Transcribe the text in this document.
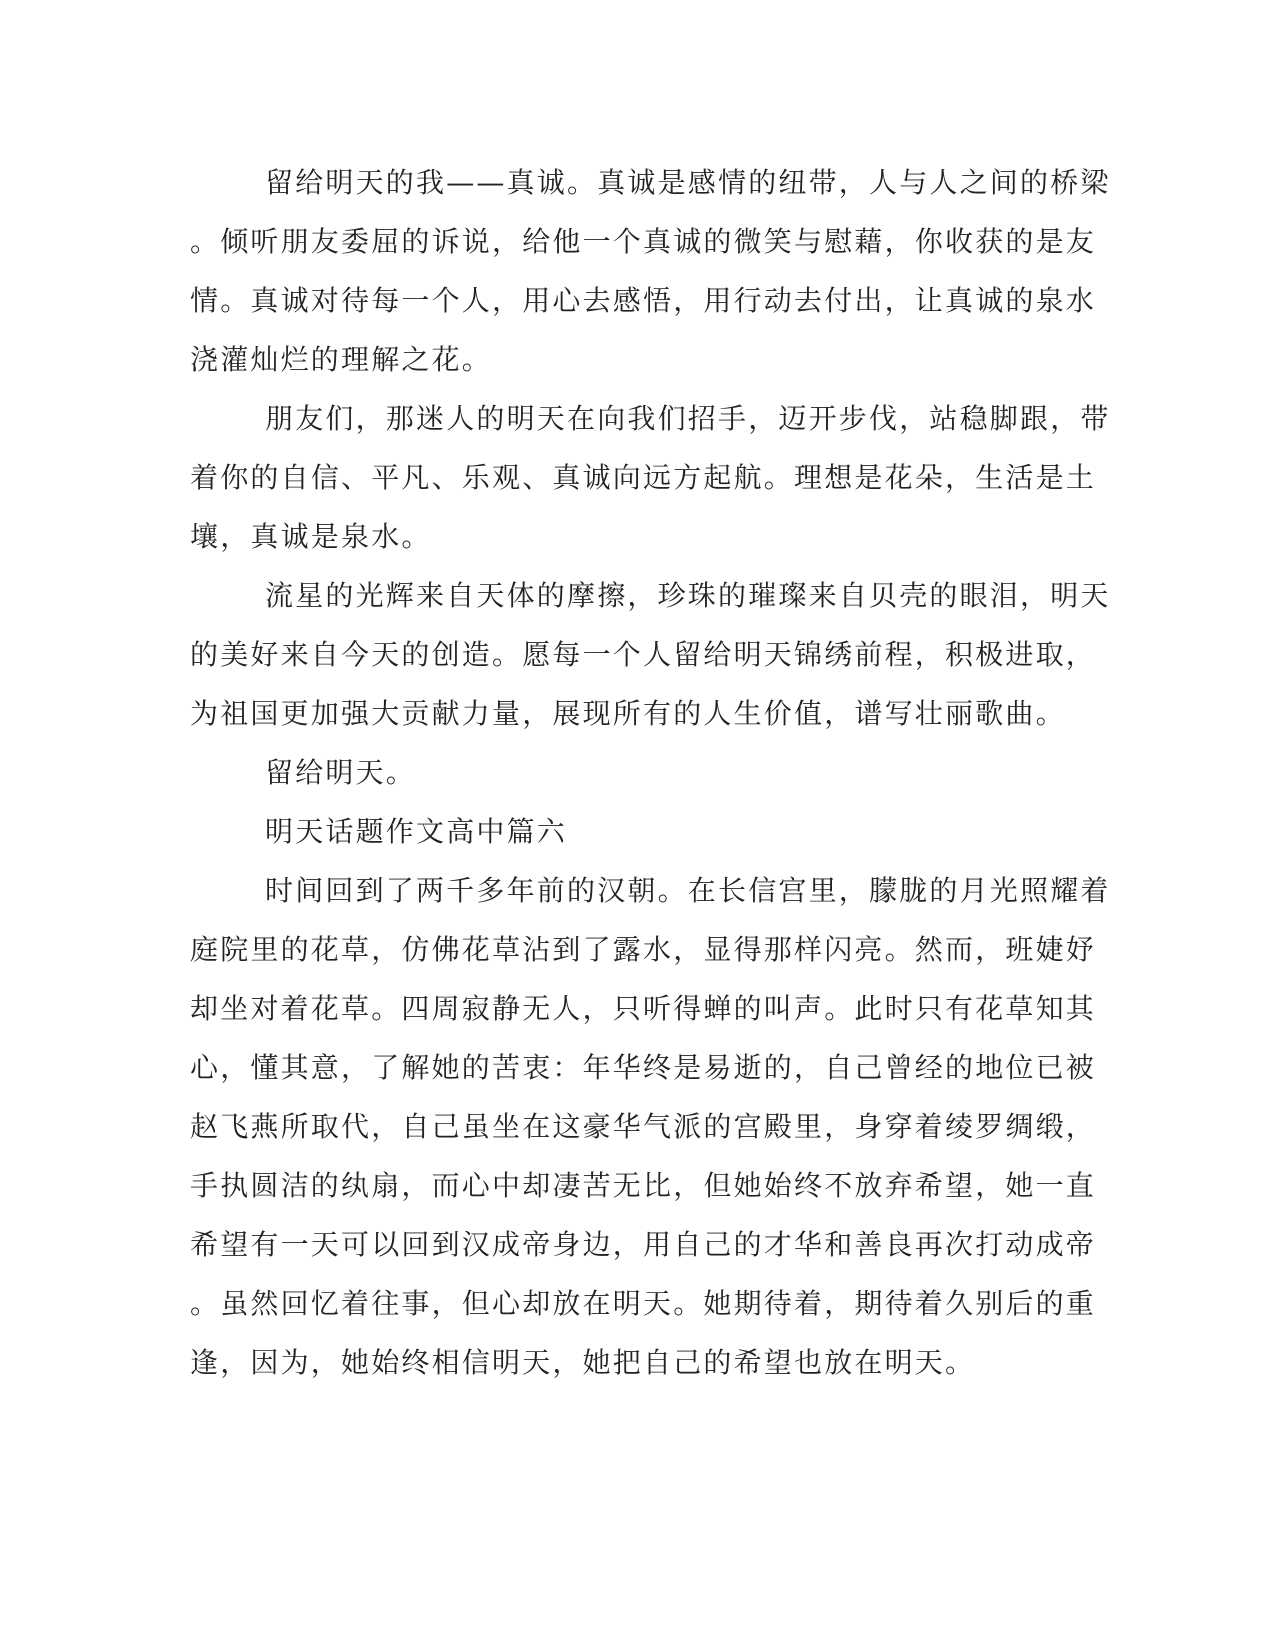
留给明天的我——真诚。真诚是感情的纽带，人与人之间的桥梁
。倾听朋友委屈的诉说，给他一个真诚的微笑与慰藉，你收获的是友
情。真诚对待每一个人，用心去感悟，用行动去付出，让真诚的泉水
浇灌灿烂的理解之花。
朋友们，那迷人的明天在向我们招手，迈开步伐，站稳脚跟，带
着你的自信、平凡、乐观、真诚向远方起航。理想是花朵，生活是土
壤，真诚是泉水。
流星的光辉来自天体的摩擦，珍珠的璀璨来自贝壳的眼泪，明天
的美好来自今天的创造。愿每一个人留给明天锦绣前程，积极进取，
为祖国更加强大贡献力量，展现所有的人生价值，谱写壮丽歌曲。
留给明天。
明天话题作文高中篇六
时间回到了两千多年前的汉朝。在长信宫里，朦胧的月光照耀着
庭院里的花草，仿佛花草沾到了露水，显得那样闪亮。然而，班婕妤
却坐对着花草。四周寂静无人，只听得蝉的叫声。此时只有花草知其
心，懂其意，了解她的苦衷：年华终是易逝的，自己曾经的地位已被
赵飞燕所取代，自己虽坐在这豪华气派的宫殿里，身穿着绫罗绸缎，
手执圆洁的纨扇，而心中却凄苦无比，但她始终不放弃希望，她一直
希望有一天可以回到汉成帝身边，用自己的才华和善良再次打动成帝
。虽然回忆着往事，但心却放在明天。她期待着，期待着久别后的重
逢，因为，她始终相信明天，她把自己的希望也放在明天。
